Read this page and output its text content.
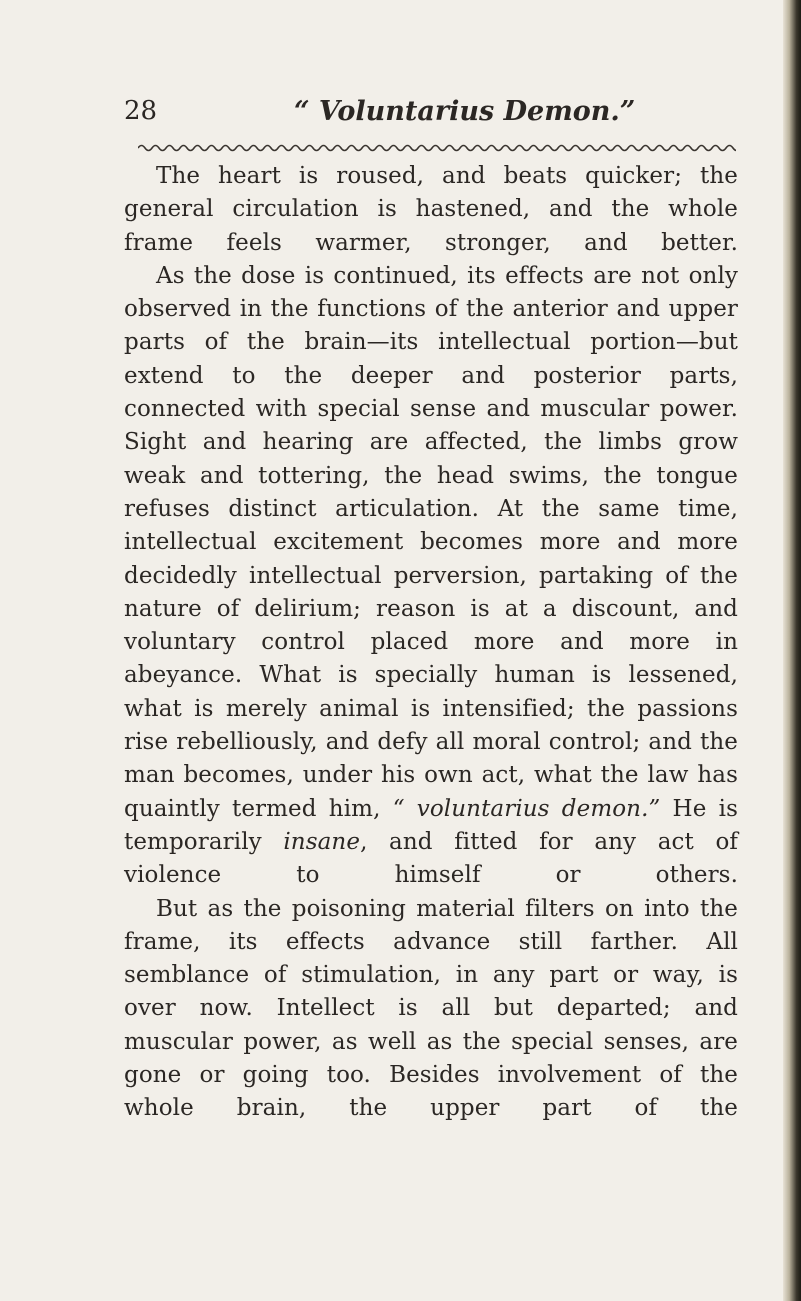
28	“ Voluntarius Demon.”

The heart is roused, and beats quicker; the general circulation is hastened, and the whole frame feels warmer, stronger, and better.

As the dose is continued, its effects are not only observed in the functions of the anterior and upper parts of the brain—its intellectual portion—but extend to the deeper and posterior parts, connected with special sense and muscular power. Sight and hearing are affected, the limbs grow weak and tottering, the head swims, the tongue refuses distinct articulation. At the same time, intellectual excitement becomes more and more decidedly intellectual perversion, partaking of the nature of delirium; reason is at a discount, and voluntary control placed more and more in abeyance. What is specially human is lessened, what is merely animal is intensified; the passions rise rebelliously, and defy all moral control; and the man becomes, under his own act, what the law has quaintly termed him, “ voluntarius demon.” He is temporarily insane, and fitted for any act of violence to himself or others.

But as the poisoning material filters on into the frame, its effects advance still farther. All semblance of stimulation, in any part or way, is over now. Intellect is all but departed; and muscular power, as well as the special senses, are gone or going too. Besides involvement of the whole brain, the upper part of the
